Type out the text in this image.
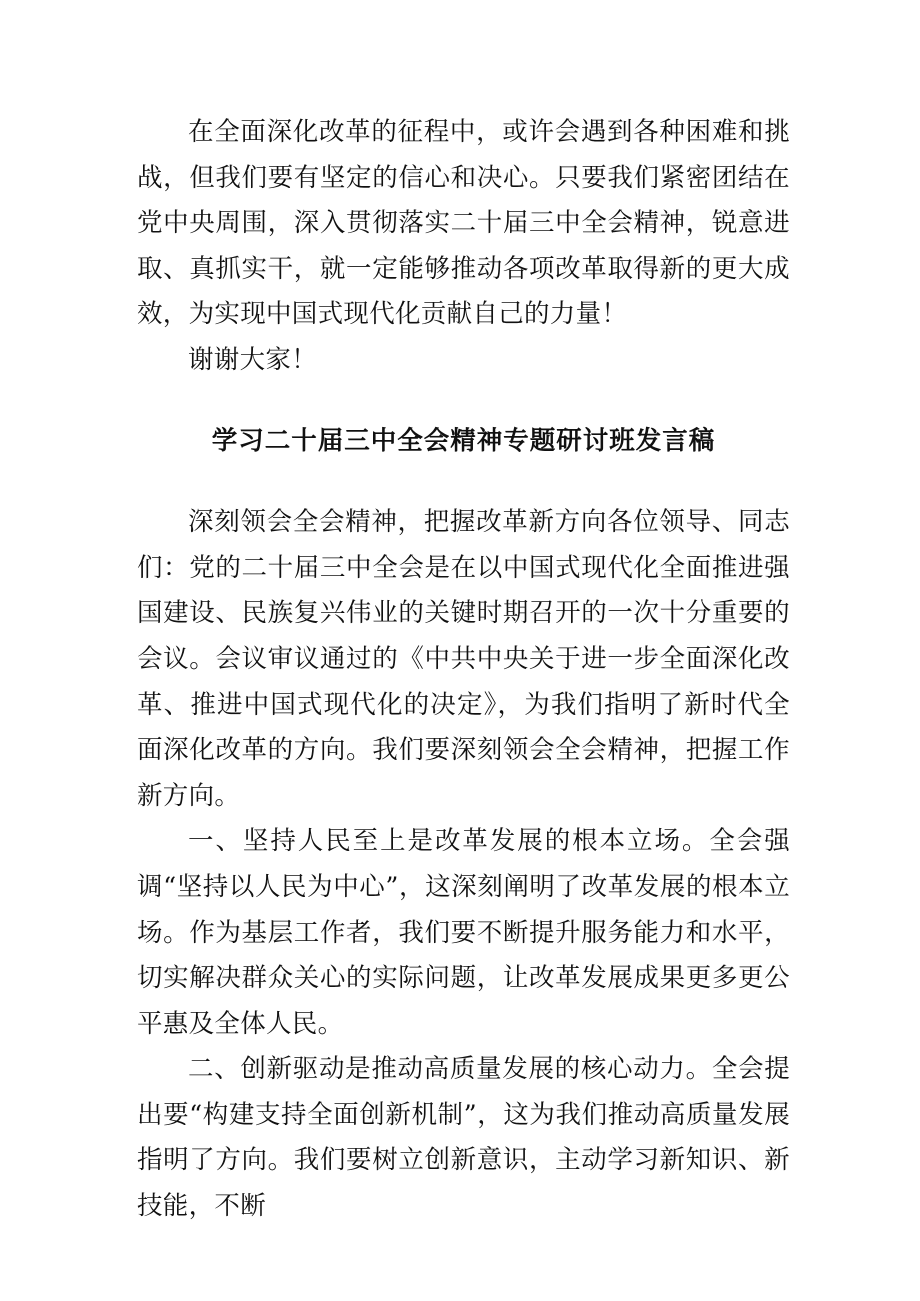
在全面深化改革的征程中，或许会遇到各种困难和挑战，但我们要有坚定的信心和决心。只要我们紧密团结在党中央周围，深入贯彻落实二十届三中全会精神，锐意进取、真抓实干，就一定能够推动各项改革取得新的更大成效，为实现中国式现代化贡献自己的力量！

谢谢大家！

学习二十届三中全会精神专题研讨班发言稿

深刻领会全会精神，把握改革新方向各位领导、同志们：党的二十届三中全会是在以中国式现代化全面推进强国建设、民族复兴伟业的关键时期召开的一次十分重要的会议。会议审议通过的《中共中央关于进一步全面深化改革、推进中国式现代化的决定》，为我们指明了新时代全面深化改革的方向。我们要深刻领会全会精神，把握工作新方向。

一、坚持人民至上是改革发展的根本立场。全会强调“坚持以人民为中心”，这深刻阐明了改革发展的根本立场。作为基层工作者，我们要不断提升服务能力和水平，切实解决群众关心的实际问题，让改革发展成果更多更公平惠及全体人民。

二、创新驱动是推动高质量发展的核心动力。全会提出要“构建支持全面创新机制”，这为我们推动高质量发展指明了方向。我们要树立创新意识，主动学习新知识、新技能，不断
